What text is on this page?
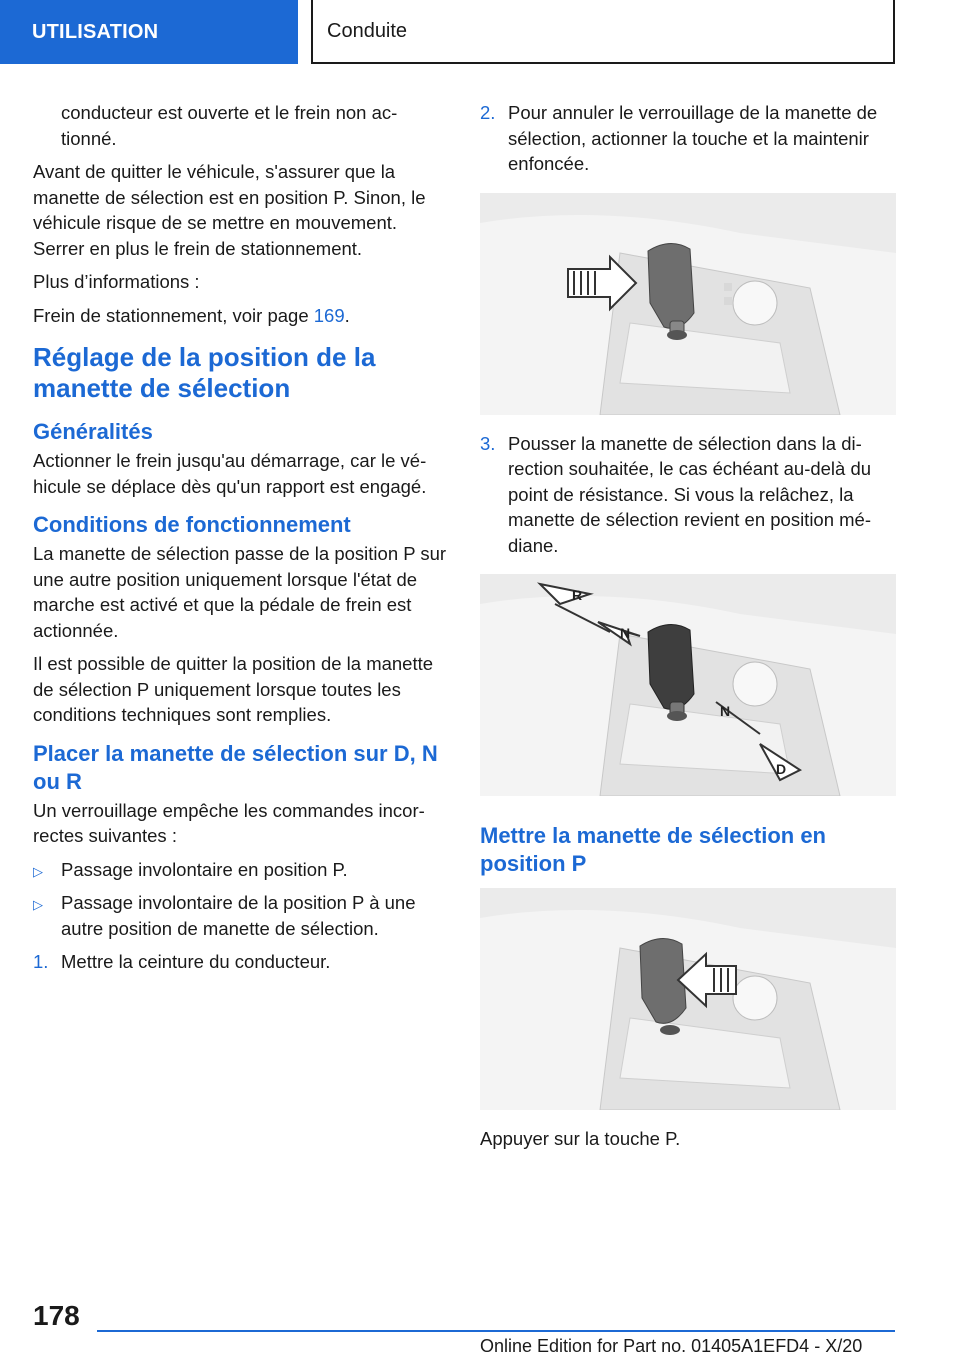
UTILISATION	Conduite

conducteur est ouverte et le frein non ac-tionné.

Avant de quitter le véhicule, s'assurer que la manette de sélection est en position P. Sinon, le véhicule risque de se mettre en mouvement. Serrer en plus le frein de stationnement.

Plus d’informations :

Frein de stationnement, voir page 169.

Réglage de la position de la manette de sélection
Généralités

Actionner le frein jusqu'au démarrage, car le vé-hicule se déplace dès qu'un rapport est engagé.

Conditions de fonctionnement

La manette de sélection passe de la position P sur une autre position uniquement lorsque l'état de marche est activé et que la pédale de frein est actionnée.

Il est possible de quitter la position de la manette de sélection P uniquement lorsque toutes les conditions techniques sont remplies.

Placer la manette de sélection sur D, N ou R

Un verrouillage empêche les commandes incor-rectes suivantes :

▷ Passage involontaire en position P.
▷ Passage involontaire de la position P à une autre position de manette de sélection.
1. Mettre la ceinture du conducteur.
2. Pour annuler le verrouillage de la manette de sélection, actionner la touche et la maintenir enfoncée.
3. Pousser la manette de sélection dans la di-rection souhaitée, le cas échéant au-delà du point de résistance. Si vous la relâchez, la manette de sélection revient en position mé-diane.
R
N
N
D
Mettre la manette de sélection en position P

Appuyer sur la touche P.

178
Online Edition for Part no. 01405A1EFD4 - X/20
